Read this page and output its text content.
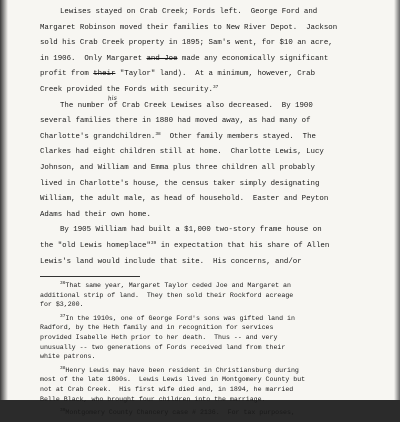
Lewises stayed on Crab Creek; Fords left.  George Ford and
Margaret Robinson moved their families to New River Depot.  Jackson
sold his Crab Creek property in 1895; Sam's went, for $10 an acre,
in 1906.  Only Margaret and Joe made any economically significant
profit from their "Taylor" land).  At a minimum, however, Crab
Creek provided the Fords with security.$^{37}$
The number of Crab Creek Lewises also decreased.  By 1900
several families there in 1880 had moved away, as had many of
Charlotte's grandchildren.$^{38}$  Other family members stayed.  The
Clarkes had eight children still at home.  Charlotte Lewis, Lucy
Johnson, and William and Emma plus three children all probably
lived in Charlotte's house, the census taker simply designating
William, the adult male, as head of household.  Easter and Peyton
Adams had their own home.
By 1905 William had built a $1,000 two-story frame house on
the "old Lewis homeplace"$^{39}$ in expectation that his share of Allen
Lewis's land would include that site.  His concerns, and/or
$^{36}$That same year, Margaret Taylor ceded Joe and Margaret an
additional strip of land.  They then sold their Rockford acreage
for $3,200.
$^{37}$In the 1910s, one of George Ford's sons was gifted land in
Radford, by the Heth family and in recognition for services
provided Isabelle Heth prior to her death.  Thus -- and very
unusually -- two generations of Fords received land from their
white patrons.
$^{38}$Henry Lewis may have been resident in Christiansburg during
most of the late 1800s.  Lewis Lewis lived in Montgomery County but
not at Crab Creek.  His first wife died and, in 1894, he married
Belle Black, who brought four children into the marriage.
$^{39}$Montgomery County Chancery case # 2136.  For tax purposes,
his
